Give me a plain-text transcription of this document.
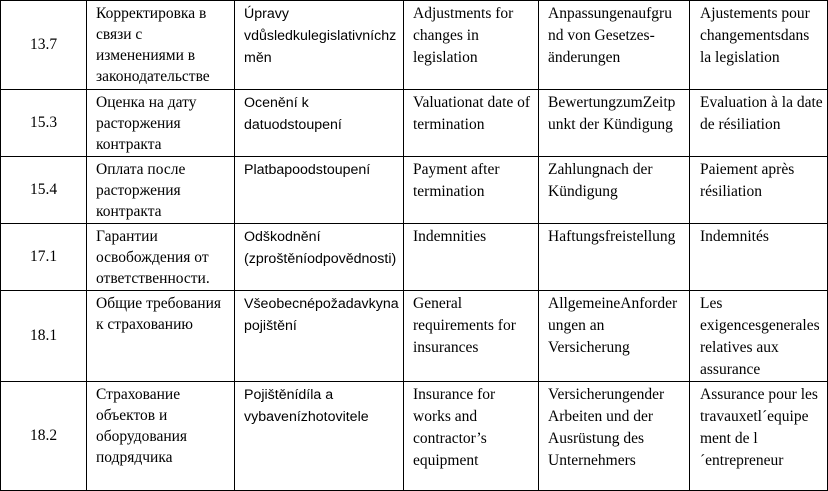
13.7	Корректировка в связи с изменениями в законодательстве	Úpravy vdůsledkulegislativníchz měn	Adjustments for changes in legislation	Anpassungenaufgru nd von Gesetzes-änderungen	Ajustements pour changementsdans la legislation
15.3	Оценка на дату расторжения контракта	Ocenění k datuodstoupení	Valuationat date of termination	BewertungzumZeitp unkt der Kündigung	Evaluation à la date de résiliation
15.4	Оплата после расторжения контракта	Platbapoodstoupení	Payment after termination	Zahlungnach der Kündigung	Paiement après résiliation
17.1	Гарантии освобождения от ответственности.	Odškodnění (zproštěníodpovědnosti)	Indemnities	Haftungsfreistellung	Indemnités
18.1	Общие требования к страхованию	Všeobecnépožadavkyna pojištění	General requirements for insurances	AllgemeineAnforder ungen an Versicherung	Les exigencesgenerales relatives aux assurance
18.2	Страхование объектов и оборудования подрядчика	Pojištěnídíla a vybavenízhotovitele	Insurance for works and contractor’s equipment	Versicherungender Arbeiten und der Ausrüstung des Unternehmers	Assurance pour les travauxetl´equipe ment de l´entrepreneur
